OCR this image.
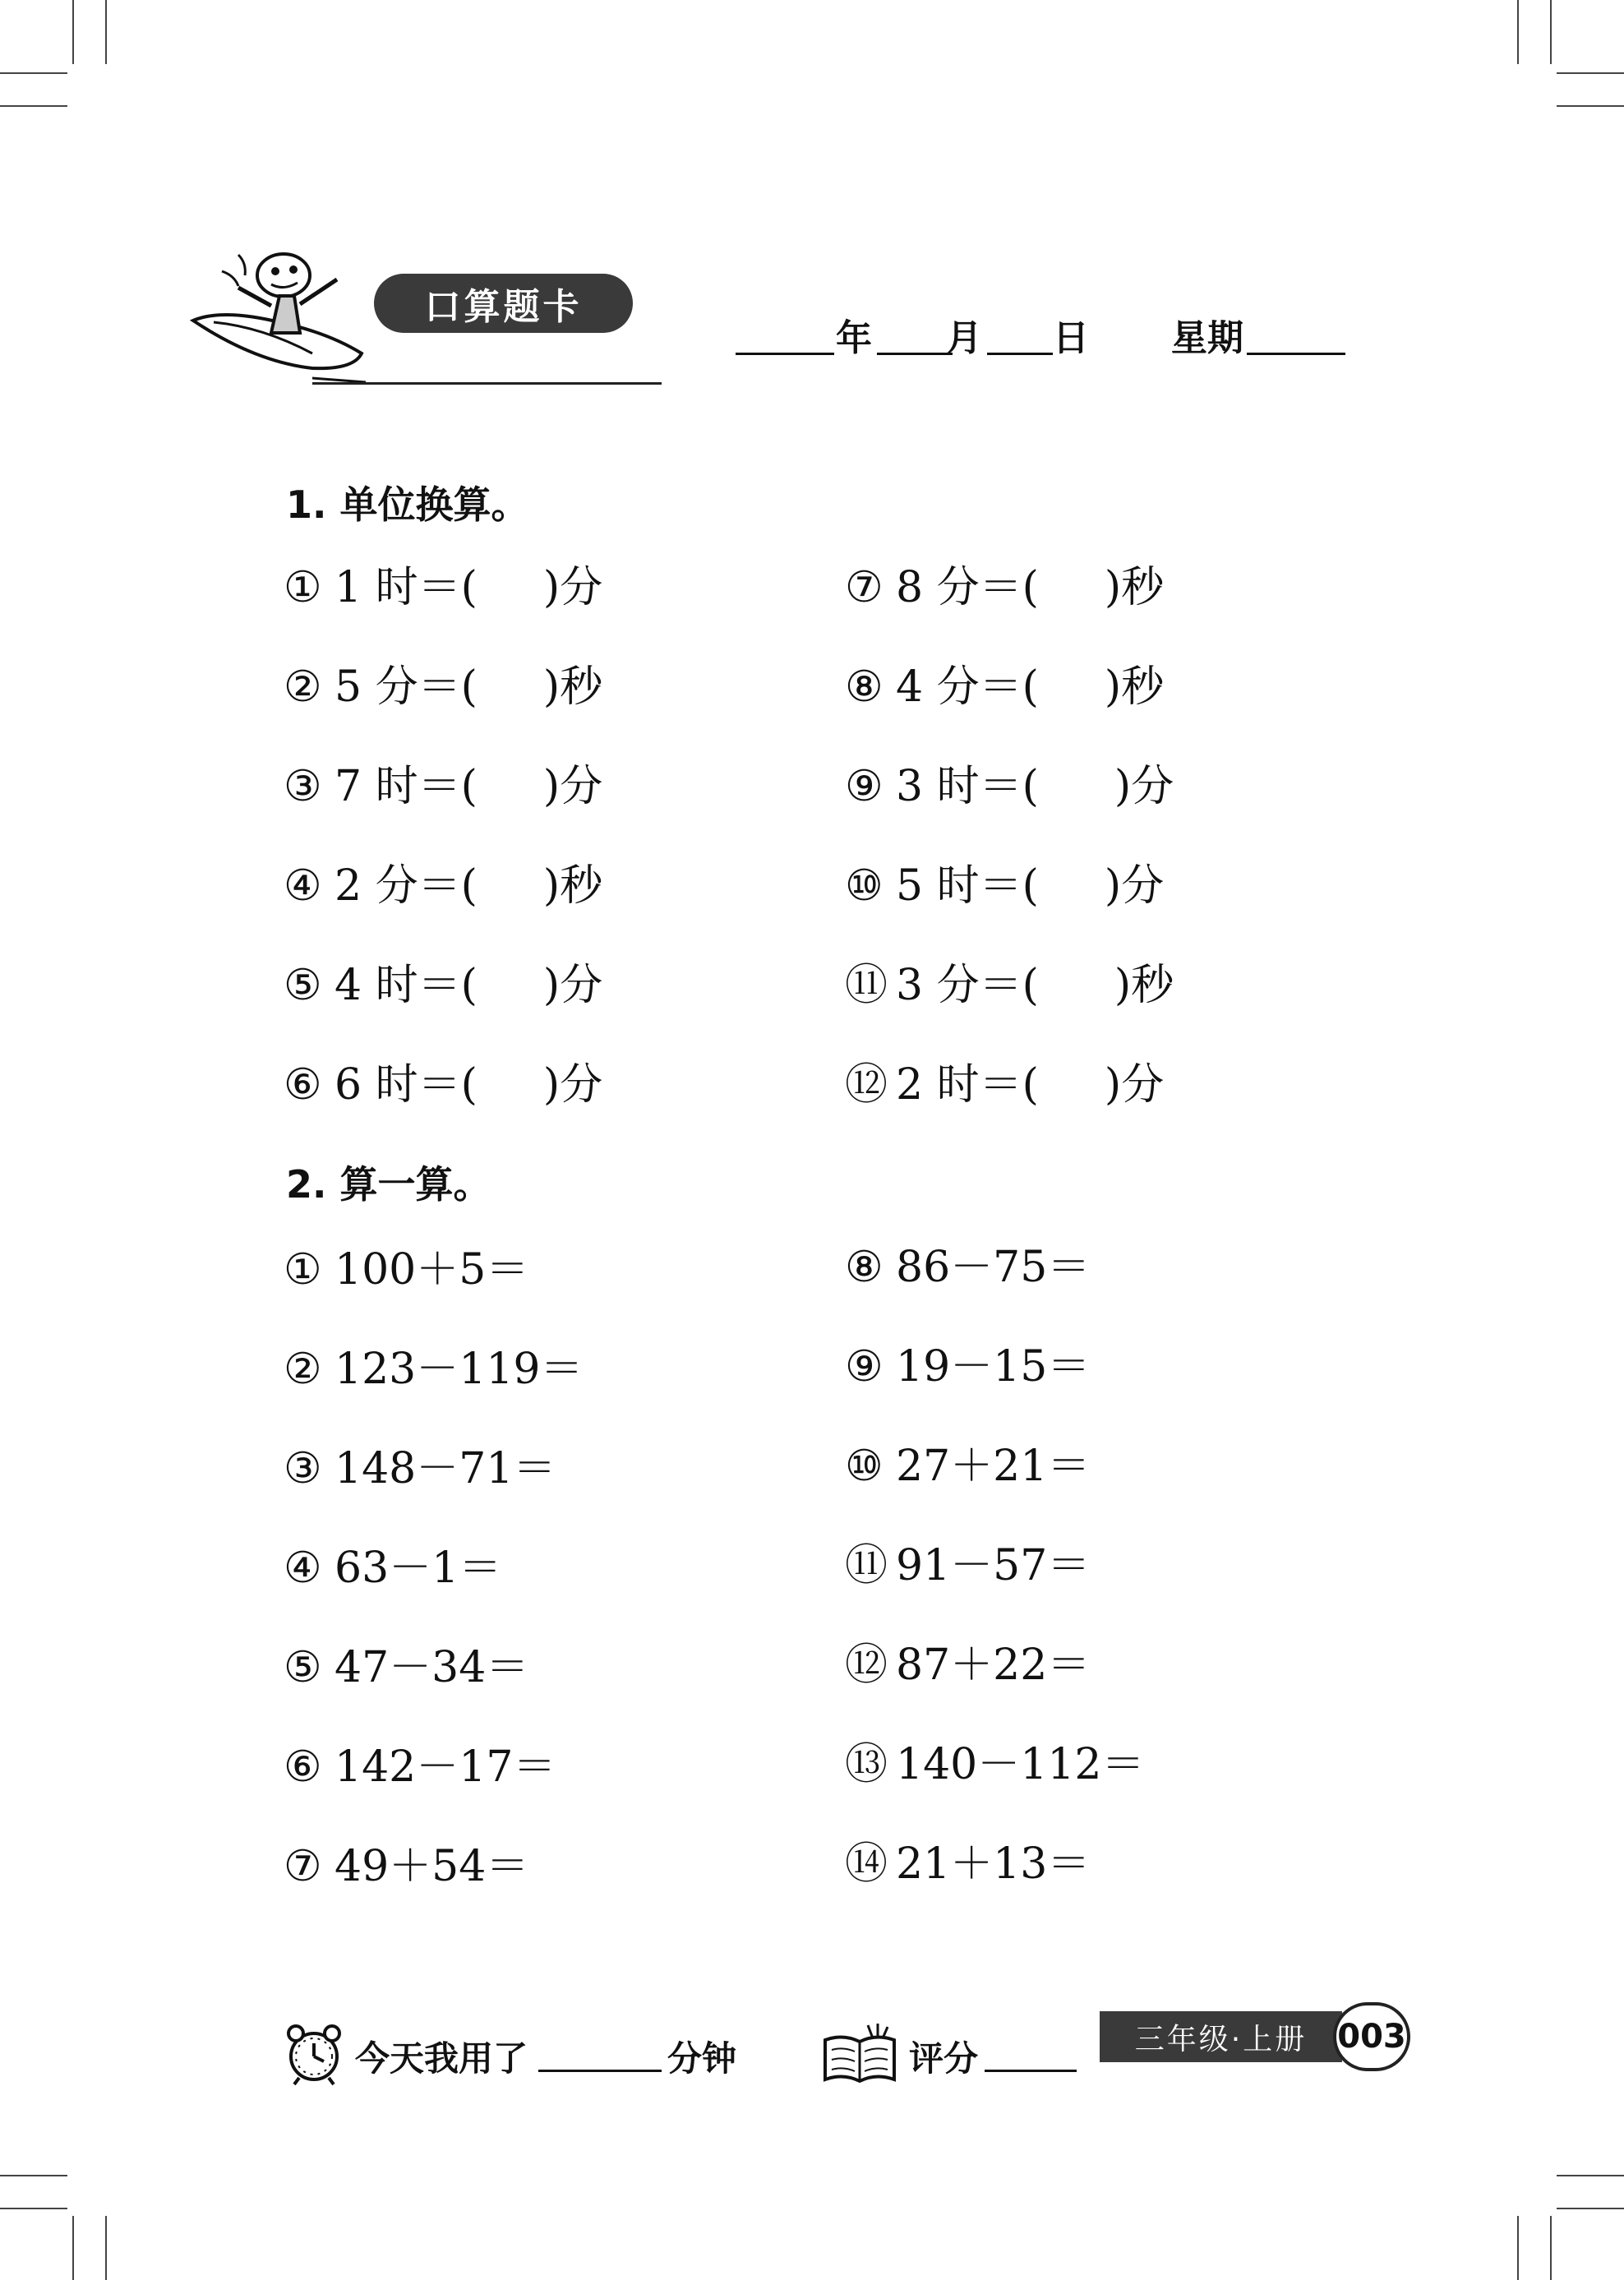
口算题卡
年 月 日 星期
1. 单位换算。
① 1 时＝( )分
② 5 分＝( )秒
③ 7 时＝( )分
④ 2 分＝( )秒
⑤ 4 时＝( )分
⑥ 6 时＝( )分
⑦ 8 分＝( )秒
⑧ 4 分＝( )秒
⑨ 3 时＝( )分
⑩ 5 时＝( )分
⑪ 3 分＝( )秒
⑫ 2 时＝( )分
2. 算一算。
① 100＋5＝
② 123－119＝
③ 148－71＝
④ 63－1＝
⑤ 47－34＝
⑥ 142－17＝
⑦ 49＋54＝
⑧ 86－75＝
⑨ 19－15＝
⑩ 27＋21＝
⑪ 91－57＝
⑫ 87＋22＝
⑬ 140－112＝
⑭ 21＋13＝
今天我用了	分钟	评分	三年级·上册 003
